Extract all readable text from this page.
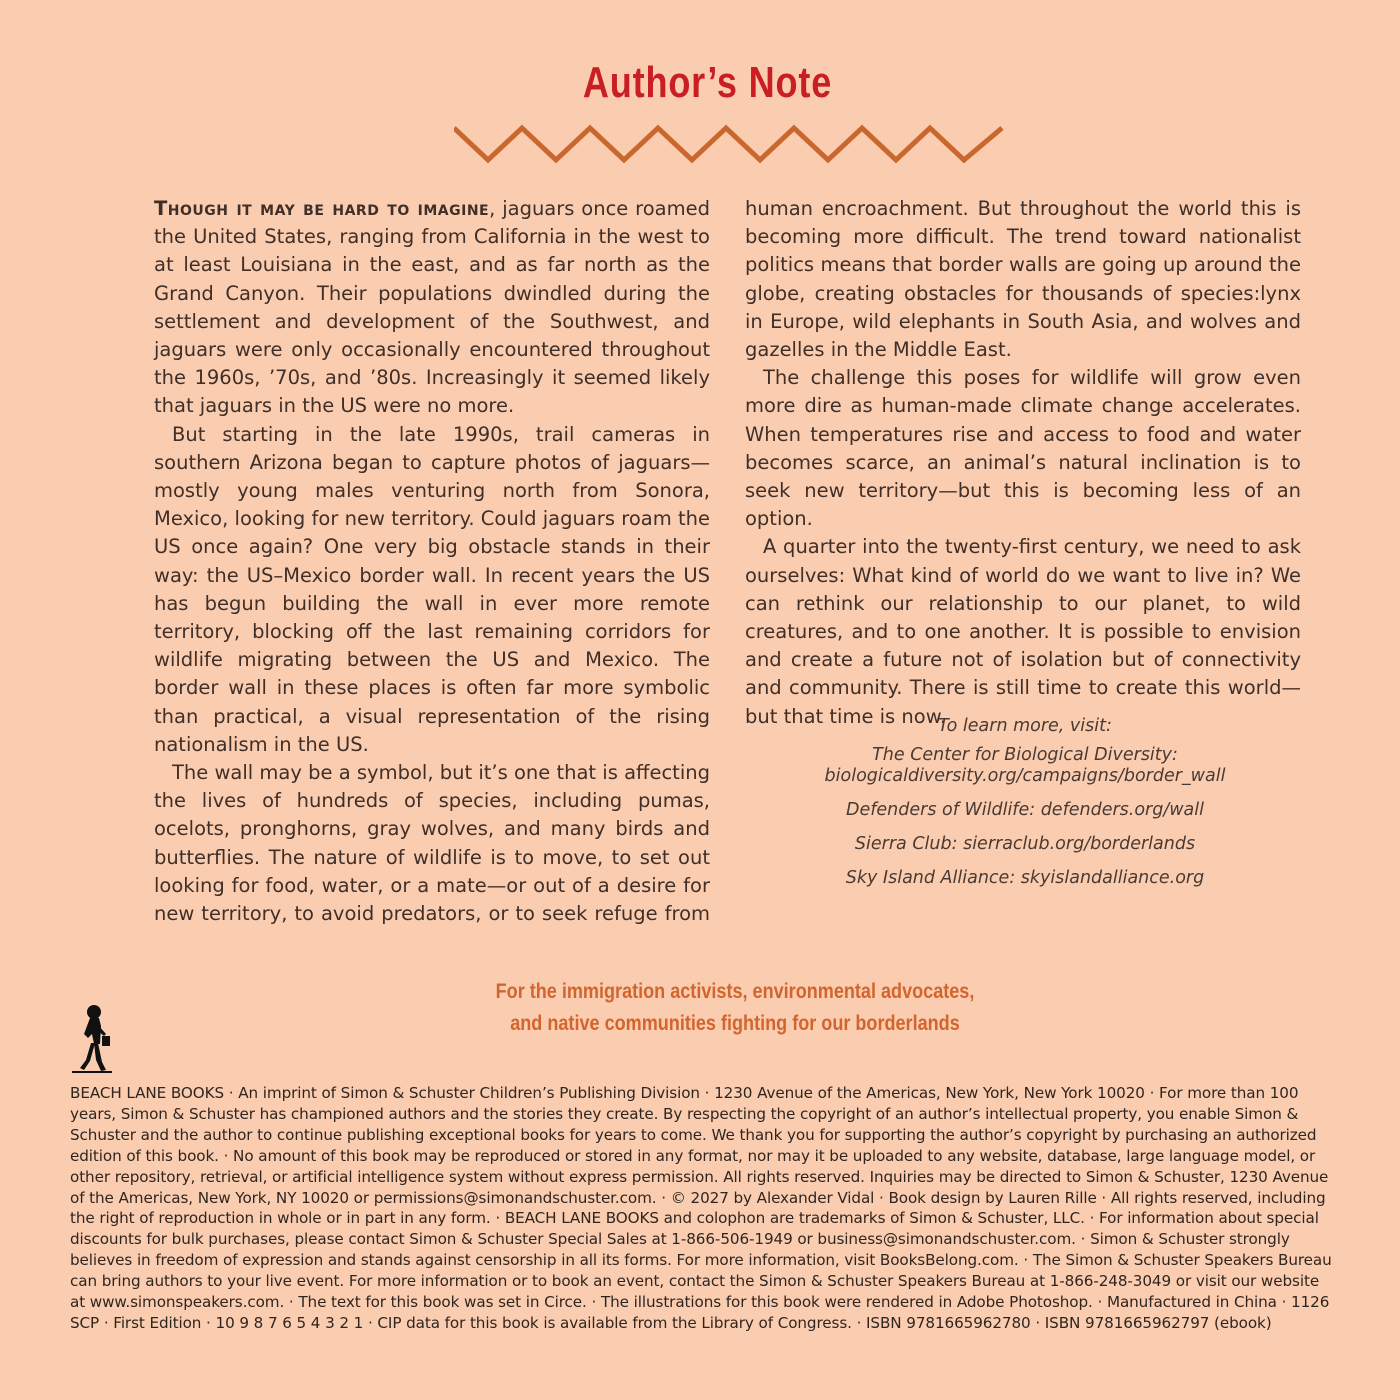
Author’s Note

Though it may be hard to imagine, jaguars once roamed the United States, ranging from California in the west to at least Louisiana in the east, and as far north as the Grand Canyon. Their populations dwindled during the settlement and development of the Southwest, and jaguars were only occasionally encountered throughout the 1960s, ’70s, and ’80s. Increasingly it seemed likely that jaguars in the US were no more.

But starting in the late 1990s, trail cameras in southern Arizona began to capture photos of jaguars—mostly young males venturing north from Sonora, Mexico, looking for new territory. Could jaguars roam the US once again? One very big obstacle stands in their way: the US–Mexico border wall. In recent years the US has begun building the wall in ever more remote territory, blocking off the last remaining corridors for wildlife migrating between the US and Mexico. The border wall in these places is often far more symbolic than practical, a visual representation of the rising nationalism in the US.

The wall may be a symbol, but it’s one that is affecting the lives of hundreds of species, including pumas, ocelots, pronghorns, gray wolves, and many birds and butterflies. The nature of wildlife is to move, to set out looking for food, water, or a mate—or out of a desire for new territory, to avoid predators, or to seek refuge from

human encroachment. But throughout the world this is becoming more difficult. The trend toward nationalist politics means that border walls are going up around the globe, creating obstacles for thousands of species:lynx in Europe, wild elephants in South Asia, and wolves and gazelles in the Middle East.

The challenge this poses for wildlife will grow even more dire as human-made climate change accelerates. When temperatures rise and access to food and water becomes scarce, an animal’s natural inclination is to seek new territory—but this is becoming less of an option.

A quarter into the twenty-first century, we need to ask ourselves: What kind of world do we want to live in? We can rethink our relationship to our planet, to wild creatures, and to one another. It is possible to envision and create a future not of isolation but of connectivity and community. There is still time to create this world—but that time is now.

To learn more, visit:
The Center for Biological Diversity:
biologicaldiversity.org/campaigns/border_wall
Defenders of Wildlife: defenders.org/wall
Sierra Club: sierraclub.org/borderlands
Sky Island Alliance: skyislandalliance.org
For the immigration activists, environmental advocates,
and native communities fighting for our borderlands
BEACH LANE BOOKS · An imprint of Simon & Schuster Children’s Publishing Division · 1230 Avenue of the Americas, New York, New York 10020 · For more than 100 years, Simon & Schuster has championed authors and the stories they create. By respecting the copyright of an author’s intellectual property, you enable Simon & Schuster and the author to continue publishing exceptional books for years to come. We thank you for supporting the author’s copyright by purchasing an authorized edition of this book. · No amount of this book may be reproduced or stored in any format, nor may it be uploaded to any website, database, large language model, or other repository, retrieval, or artificial intelligence system without express permission. All rights reserved. Inquiries may be directed to Simon & Schuster, 1230 Avenue of the Americas, New York, NY 10020 or permissions@simonandschuster.com. · © 2027 by Alexander Vidal · Book design by Lauren Rille · All rights reserved, including the right of reproduction in whole or in part in any form. · BEACH LANE BOOKS and colophon are trademarks of Simon & Schuster, LLC. · For information about special discounts for bulk purchases, please contact Simon & Schuster Special Sales at 1-866-506-1949 or business@simonandschuster.com. · Simon & Schuster strongly believes in freedom of expression and stands against censorship in all its forms. For more information, visit BooksBelong.com. · The Simon & Schuster Speakers Bureau can bring authors to your live event. For more information or to book an event, contact the Simon & Schuster Speakers Bureau at 1-866-248-3049 or visit our website at www.simonspeakers.com. · The text for this book was set in Circe. · The illustrations for this book were rendered in Adobe Photoshop. · Manufactured in China · 1126 SCP · First Edition · 10 9 8 7 6 5 4 3 2 1 · CIP data for this book is available from the Library of Congress. · ISBN 9781665962780 · ISBN 9781665962797 (ebook)
